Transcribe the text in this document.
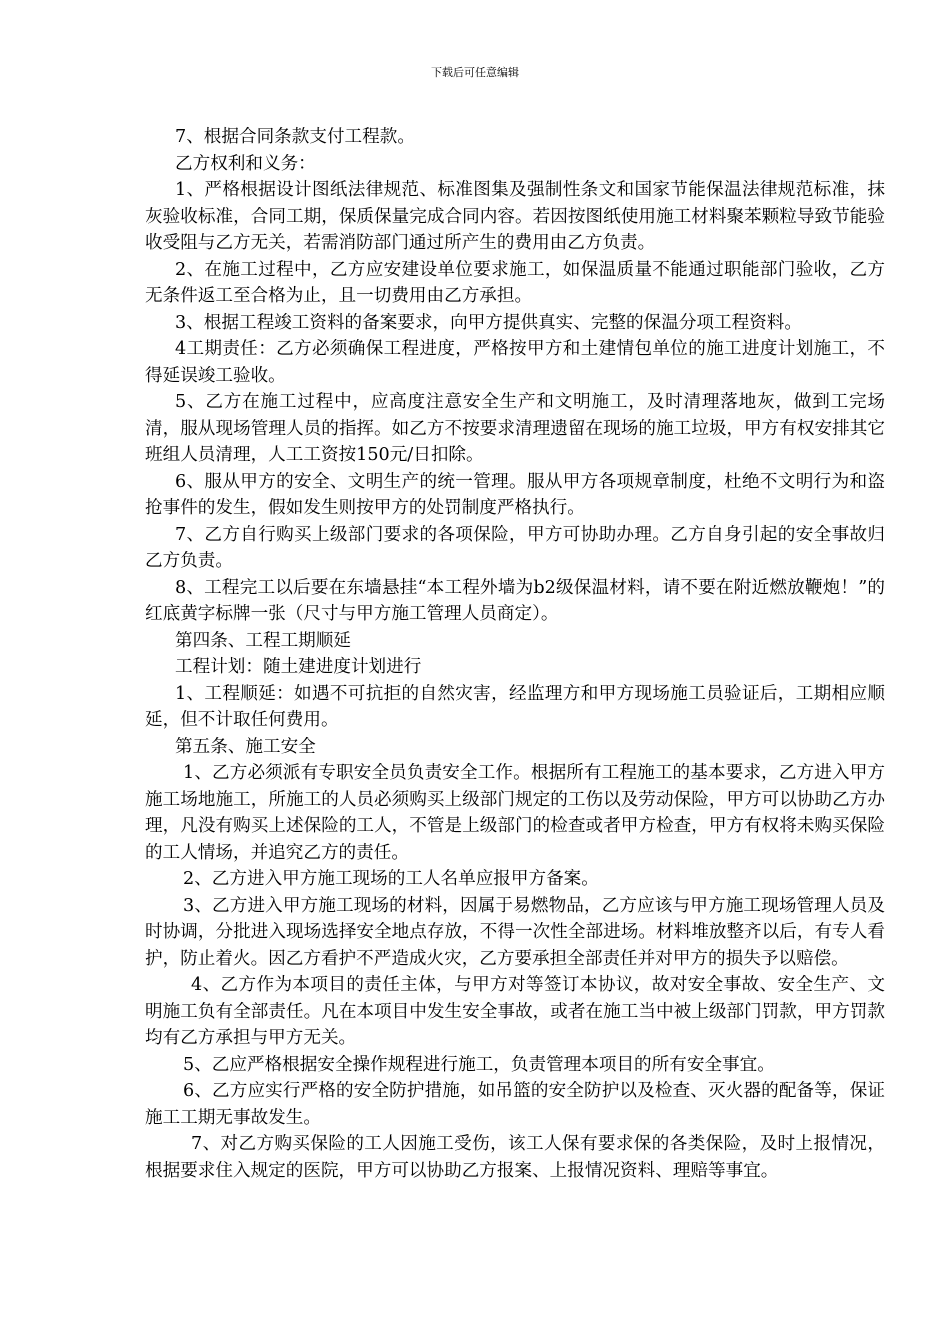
下载后可任意编辑

7、根据合同条款支付工程款。

乙方权利和义务：

1、严格根据设计图纸法律规范、标准图集及强制性条文和国家节能保温法律规范标准，抹灰验收标准，合同工期，保质保量完成合同内容。若因按图纸使用施工材料聚苯颗粒导致节能验收受阻与乙方无关，若需消防部门通过所产生的费用由乙方负责。

2、在施工过程中，乙方应安建设单位要求施工，如保温质量不能通过职能部门验收，乙方无条件返工至合格为止，且一切费用由乙方承担。

3、根据工程竣工资料的备案要求，向甲方提供真实、完整的保温分项工程资料。

4工期责任：乙方必须确保工程进度，严格按甲方和土建情包单位的施工进度计划施工，不得延误竣工验收。

5、乙方在施工过程中，应高度注意安全生产和文明施工，及时清理落地灰，做到工完场清，服从现场管理人员的指挥。如乙方不按要求清理遗留在现场的施工垃圾，甲方有权安排其它班组人员清理，人工工资按150元/日扣除。

6、服从甲方的安全、文明生产的统一管理。服从甲方各项规章制度，杜绝不文明行为和盗抢事件的发生，假如发生则按甲方的处罚制度严格执行。

7、乙方自行购买上级部门要求的各项保险，甲方可协助办理。乙方自身引起的安全事故归乙方负责。

8、工程完工以后要在东墙悬挂“本工程外墙为b2级保温材料，请不要在附近燃放鞭炮！”的红底黄字标牌一张（尺寸与甲方施工管理人员商定）。

第四条、工程工期顺延

工程计划：随土建进度计划进行

1、工程顺延：如遇不可抗拒的自然灾害，经监理方和甲方现场施工员验证后，工期相应顺延，但不计取任何费用。

第五条、施工安全

1、乙方必须派有专职安全员负责安全工作。根据所有工程施工的基本要求，乙方进入甲方施工场地施工，所施工的人员必须购买上级部门规定的工伤以及劳动保险，甲方可以协助乙方办理，凡没有购买上述保险的工人，不管是上级部门的检查或者甲方检查，甲方有权将未购买保险的工人情场，并追究乙方的责任。

2、乙方进入甲方施工现场的工人名单应报甲方备案。

3、乙方进入甲方施工现场的材料，因属于易燃物品，乙方应该与甲方施工现场管理人员及时协调，分批进入现场选择安全地点存放，不得一次性全部进场。材料堆放整齐以后，有专人看护，防止着火。因乙方看护不严造成火灾，乙方要承担全部责任并对甲方的损失予以赔偿。

4、乙方作为本项目的责任主体，与甲方对等签订本协议，故对安全事故、安全生产、文明施工负有全部责任。凡在本项目中发生安全事故，或者在施工当中被上级部门罚款，甲方罚款均有乙方承担与甲方无关。

5、乙应严格根据安全操作规程进行施工，负责管理本项目的所有安全事宜。

6、乙方应实行严格的安全防护措施，如吊篮的安全防护以及检查、灭火器的配备等，保证施工工期无事故发生。

7、对乙方购买保险的工人因施工受伤，该工人保有要求保的各类保险，及时上报情况，根据要求住入规定的医院，甲方可以协助乙方报案、上报情况资料、理赔等事宜。
